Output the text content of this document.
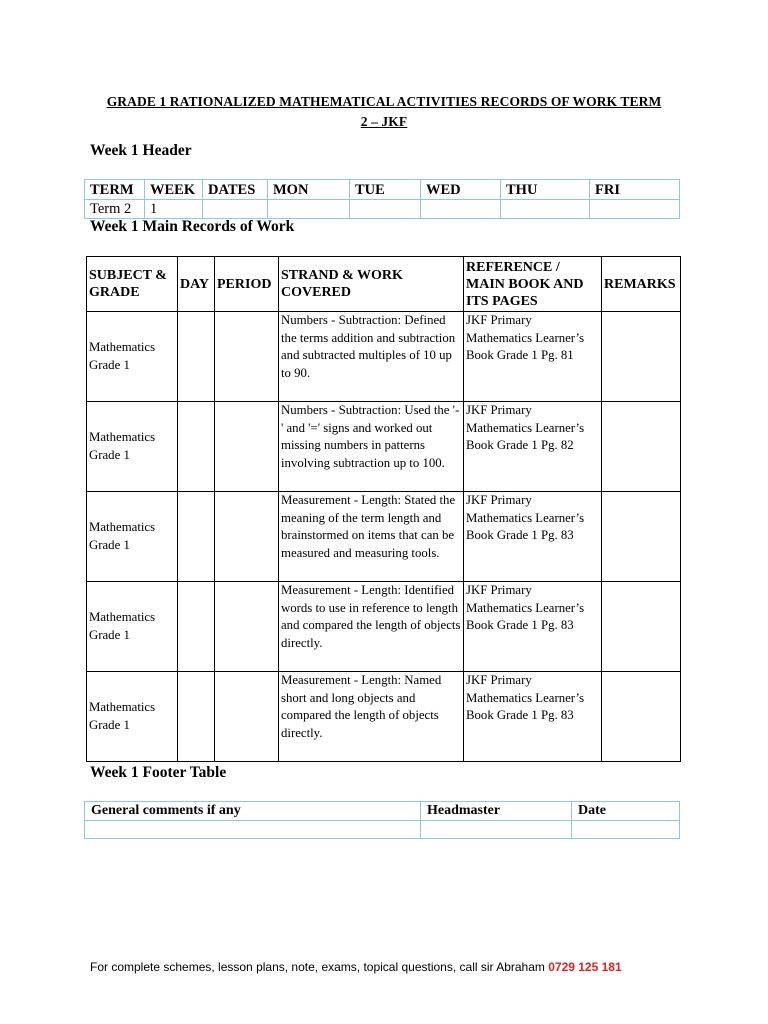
GRADE 1 RATIONALIZED MATHEMATICAL ACTIVITIES RECORDS OF WORK TERM
2 – JKF
Week 1 Header
TERM	WEEK	DATES	MON	TUE	WED	THU	FRI
Term 2	1						
Week 1 Main Records of Work
SUBJECT & GRADE	DAY	PERIOD	STRAND & WORK COVERED	REFERENCE / MAIN BOOK AND ITS PAGES	REMARKS
Mathematics Grade 1			Numbers - Subtraction: Defined the terms addition and subtraction and subtracted multiples of 10 up to 90.	JKF Primary Mathematics Learner’s Book Grade 1 Pg. 81	

Mathematics Grade 1			Numbers - Subtraction: Used the '-' and '=' signs and worked out missing numbers in patterns involving subtraction up to 100.	JKF Primary Mathematics Learner’s Book Grade 1 Pg. 82	

Mathematics Grade 1			Measurement - Length: Stated the meaning of the term length and brainstormed on items that can be measured and measuring tools.	JKF Primary Mathematics Learner’s Book Grade 1 Pg. 83	

Mathematics Grade 1			Measurement - Length: Identified words to use in reference to length and compared the length of objects directly.	JKF Primary Mathematics Learner’s Book Grade 1 Pg. 83	

Mathematics Grade 1			Measurement - Length: Named short and long objects and compared the length of objects directly.	JKF Primary Mathematics Learner’s Book Grade 1 Pg. 83	

Week 1 Footer Table
General comments if any	Headmaster	Date

For complete schemes, lesson plans, note, exams, topical questions, call sir Abraham 0729 125 181
